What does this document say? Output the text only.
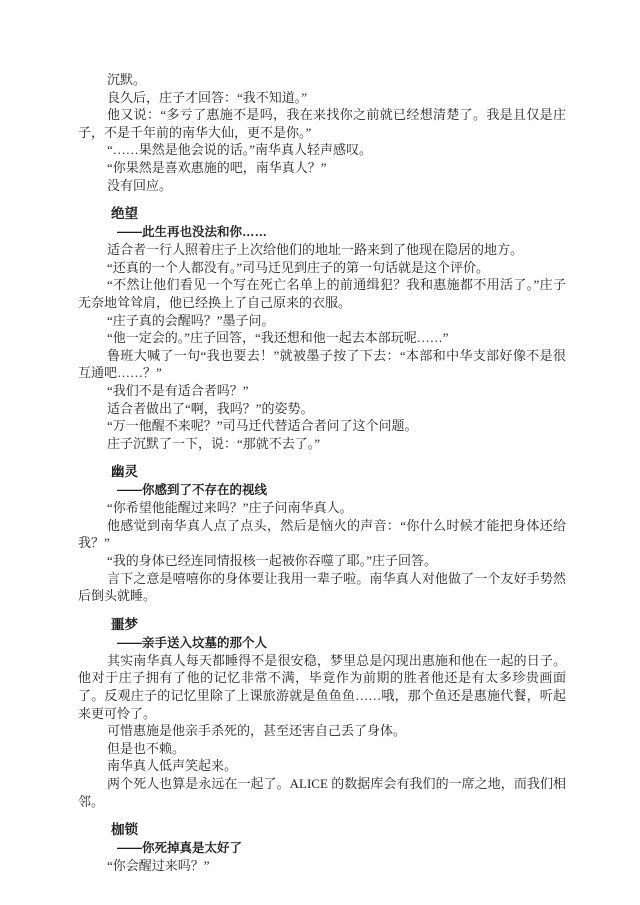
沉默。

良久后，庄子才回答：“我不知道。”

他又说：“多亏了惠施不是吗，我在来找你之前就已经想清楚了。我是且仅是庄子，不是千年前的南华大仙，更不是你。”

“……果然是他会说的话。”南华真人轻声感叹。

“你果然是喜欢惠施的吧，南华真人？”

没有回应。

绝望
——此生再也没法和你……

适合者一行人照着庄子上次给他们的地址一路来到了他现在隐居的地方。

“还真的一个人都没有。”司马迁见到庄子的第一句话就是这个评价。

“不然让他们看见一个写在死亡名单上的前通缉犯？我和惠施都不用活了。”庄子无奈地耸耸肩，他已经换上了自己原来的衣服。

“庄子真的会醒吗？”墨子问。

“他一定会的。”庄子回答，“我还想和他一起去本部玩呢……”

鲁班大喊了一句“我也要去！”就被墨子按了下去：“本部和中华支部好像不是很互通吧……？”

“我们不是有适合者吗？”

适合者做出了“啊，我吗？”的姿势。

“万一他醒不来呢？”司马迁代替适合者问了这个问题。

庄子沉默了一下，说：“那就不去了。”

幽灵
——你感到了不存在的视线

“你希望他能醒过来吗？”庄子问南华真人。

他感觉到南华真人点了点头，然后是恼火的声音：“你什么时候才能把身体还给我？”

“我的身体已经连同情报核一起被你吞噬了耶。”庄子回答。

言下之意是嘻嘻你的身体要让我用一辈子啦。南华真人对他做了一个友好手势然后倒头就睡。

噩梦
——亲手送入坟墓的那个人

其实南华真人每天都睡得不是很安稳，梦里总是闪现出惠施和他在一起的日子。他对于庄子拥有了他的记忆非常不满，毕竟作为前期的胜者他还是有太多珍贵画面了。反观庄子的记忆里除了上课旅游就是鱼鱼鱼……哦，那个鱼还是惠施代餐，听起来更可怜了。

可惜惠施是他亲手杀死的，甚至还害自己丢了身体。

但是也不赖。

南华真人低声笑起来。

两个死人也算是永远在一起了。ALICE 的数据库会有我们的一席之地，而我们相邻。

枷锁
——你死掉真是太好了

“你会醒过来吗？”
